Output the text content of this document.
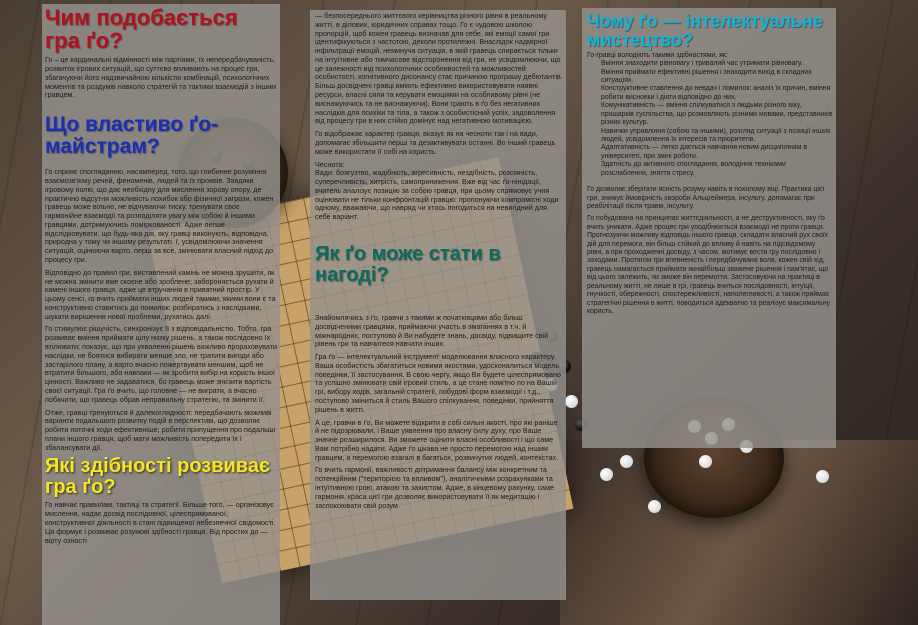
Чим подобається гра ґо?

Го – це кардинальні відмінності між партіями, їх непередбачуваність, розвиток ігрових ситуацій, що суттєво впливають на процес гри, збагачуючи його надзвичайною кількістю комбінацій, психологічних моментів та роздумів навколо стратегій та тактики взаємодій з іншим гравцем.

Що властиво ґо-майстрам?

Го сприяє спогляданню, насамперед, того, що глибинне розуміння взаємозв'язку речей, феноменів, людей та їх проявів. Завдяки ігровому полю, що дає необхідну для мислення зорову опору, де практично відсутня можливість похибок або фізичної загрози, кожен гравець може вільно, не відчуваючи тиску, тренувати своє гармонійне взаємодії та розподіляти увагу між собою й іншими гравцями, дотримуючись поміркованості. Адже легше відслідковувати, що будь-яка дія, яку гравці виконують, відповідна, природна у тому чи іншому результаті. І, усвідомлюючи значення ситуацій, оцінюючи варто, перш за все, змінювати власний підхід до процесу гри.

Відповідно до правил гри, виставлений камінь не можна зрушити, як не можна змінити вже скоєне або зроблене; забороняється рухати й камені іншого гравця, адже це втручання в приватний простір. У цьому сенсі, го вчить приймати інших людей такими, якими вони є та конструктивно ставитись до помилок: розбиратись з наслідками, шукати вирішення нової проблеми, рухатись далі.

Го стимулює рішучість, синхронізує її з відповідальністю. Тобто, гра розвиває вміння приймати цілу низку рішень, а також послідовно їх втілювати; показує, що при ухваленні рішень важливо прораховувати наслідки, не боятися вибирати менше зло, не тратити вигоди або застарілого плану, а варто вчасно пожертвувати меншим, щоб не втратити більшого, або навпаки — як зробити вибір на користь іншої цінності. Важливо не задаватися, бо гравець може знизити вартість своєї ситуації. Гра ґо вчить, що головне — не виграти, а вчасно побачити, що гравець обрав неправильну стратегію, та змінити її.

Отже, гравці тренуються й далекоглядності: передбачають можливі варіанти подальшого розвитку подій в перспективі, що дозволяє робити поточні ходи ефективніше; робити припущення про подальші плани іншого гравця, щоб мати можливість попередити їх і збалансувати дії.

Які здібності розвиває гра ґо?

Го навчає правилам, тактиці та стратегії. Більше того, — організовує мислення, надає досвід послідовної, цілеспрямованої, конструктивної діяльності в стані підвищеної небезпечної свідомості. Ця формує і розвиває розумові здібності гравця. Від простих до — вірту озності

— безпосереднього життєвого керівництва різного рівня в реальному житті, в ділових, юридичних справах тощо. Го є чудовою школою пропорцій, щоб кожен гравець визначав для себе, які емоції самої гри ідентифікуються з частотою, деколи протилежні. Внаслідок надмірної інфільтрації емоцій, неминуча ситуація, в якій гравець спирається тільки на інтуїтивне або тимчасове відсторонення від гри, не усвідомлюючи, що це залежності від психологічних особливостей та можливостей особистості, когнітивного дисонансу стає причиною програшу дебютантів. Більш досвідчені гравці вміють ефективно використовувати наявні ресурси, власні сили та керувати емоціями на особливому рівні (не виснажуючись та не виснажуючи). Вони грають в ґо без негативних наслідків для психіки та тіла, а також з особистісний успіх, задоволення від процесу гри в них стійко домінує над негативною мотивацією.

Го відображає характер гравця, вказує як на чесноти так і на вади, допомагає збільшити перші та дезактивувати останні. Во інший гравець може використати її собі на користь.

Чеснота:

Вади: боягузтво, жадібність, агресивність, нездібність, розсіяність, суперечливість, хитрість, самопринижения. Вже від час ґо-нінідації, вчитель аналізує позицію за собою гравця, при цьому спрямовує учня оцінювати не тільки конфронтацій гравцю: пропонуючи компромісні ходи одному, вважаючи, що навряд чи хтось погодиться на невигідний для себе варіант.

Як ґо може стати в нагоді?

Знайомлячись з ґо, гравчи з такими ж початківцями або більш досвідченими гравцями, приймаючи участь в змаганнях в т.ч. й міжнародних, поступово й Ви набудете знань, досвіду, підвищите свій рівень гри та навчитеся навчати інших.

Гра ґо — інтелектуальний інструмент моделювання власного характеру. Ваша особистість збагатиться новими якостями, удосконалиться модель поведінки, її застосування. В свою чергу, якщо Ви будете цілеспрямовано та успішно змінювати свій ігровий стиль, а це стане помітно по на Вашій грі, вибору ходів, загальній стратегії, побудові форм взаємодії і т.д., поступово зміниться й стиль Вашого спілкування, поведінки, прийняття рішень в житті.

А це, гравчи в ґо, Ви можете відкрити в собі сильні якості, про які раніше й не підозрювали, і Ваше уявлення про власну силу духу, про Ваше значне розширилося. Ви зможете оцінити власні особливості і що саме Вам потрібно надати. Адже ґо цікава не просто перемогою над іншим гравцем, а перемогою взагалі в багатьох, розвинутих людей, контекстах.

Го вчить гармонії, важливості дотримання балансу між конкретним та потенційним ("територією та впливом"), аналітичними розрахунками та інтуїтивною грою, атакою та захистом. Адже, в кінцевому рахунку, саме гармонія, краса цієї гри дозволяє використовувати її як медитацію і заспокоювати свій розум.

Чому ґо — інтелектуальне мистецтво?

Го-гравці володіють такими здібностями, як:

Вміння знаходити рівновагу і тривалий час утримати рівновагу.

Вміння приймати ефективні рішення і знаходити вихід в складних ситуаціях.

Конструктивне ставлення до невдач і помилок: аналіз їх причин, вміння робити висновки і діяти відповідно до них.

Комунікативність — вміння спілкуватися з людьми різного віку, прошарків суспільства, що розмовляють різними мовами, представників різних культур.

Навички управління (собою та іншими), розгляд ситуації з позиції інших людей, усвідомлення їх інтересів та пріоритетів.

Адаптативність — легко дається навчання новим дисциплінам в університеті, при зміні роботи.

Здатність до активного споглядання, володіння техніками розслаблення, зняття стресу.

Го дозволяє зберігати ясність розуму навіть в похилому віці. Практика цієї гри, знижує ймовірність хвороби Альцгеймера, інсульту, допомагає при реабілітації після травм, інсульту.

Го побудована на принципах життєдіяльності, а не деструктивності, яку ґо вчить уникати. Адже процес гри уподібнюється взаємодії не проти гравця. Прогнозуючи можливу відповідь іншого гравця, складати власний рух своїх дій для перемоги, він більш стійкий до впливу й навіть на підсвідомому рівні, а при проходженні досвіду, з часом, мотивує вести гру послідовно і заходами. Протягом гри впевненість і передбачувана воля, кожен свій хід, гравець намагається приймати якнайбільш зважене рішення і пам'ятає, що від цього залежить, чи зможе він перемогти. Застосовуючи на практиці в реальному житті, не лише в грі, гравець вчиться послідовності, інтуїції, гнучкості, обережності, спостережливості, наполегливості, а також приймає стратегічні рішення в житті, поводиться адекватно та реалізує максимальну користь.
